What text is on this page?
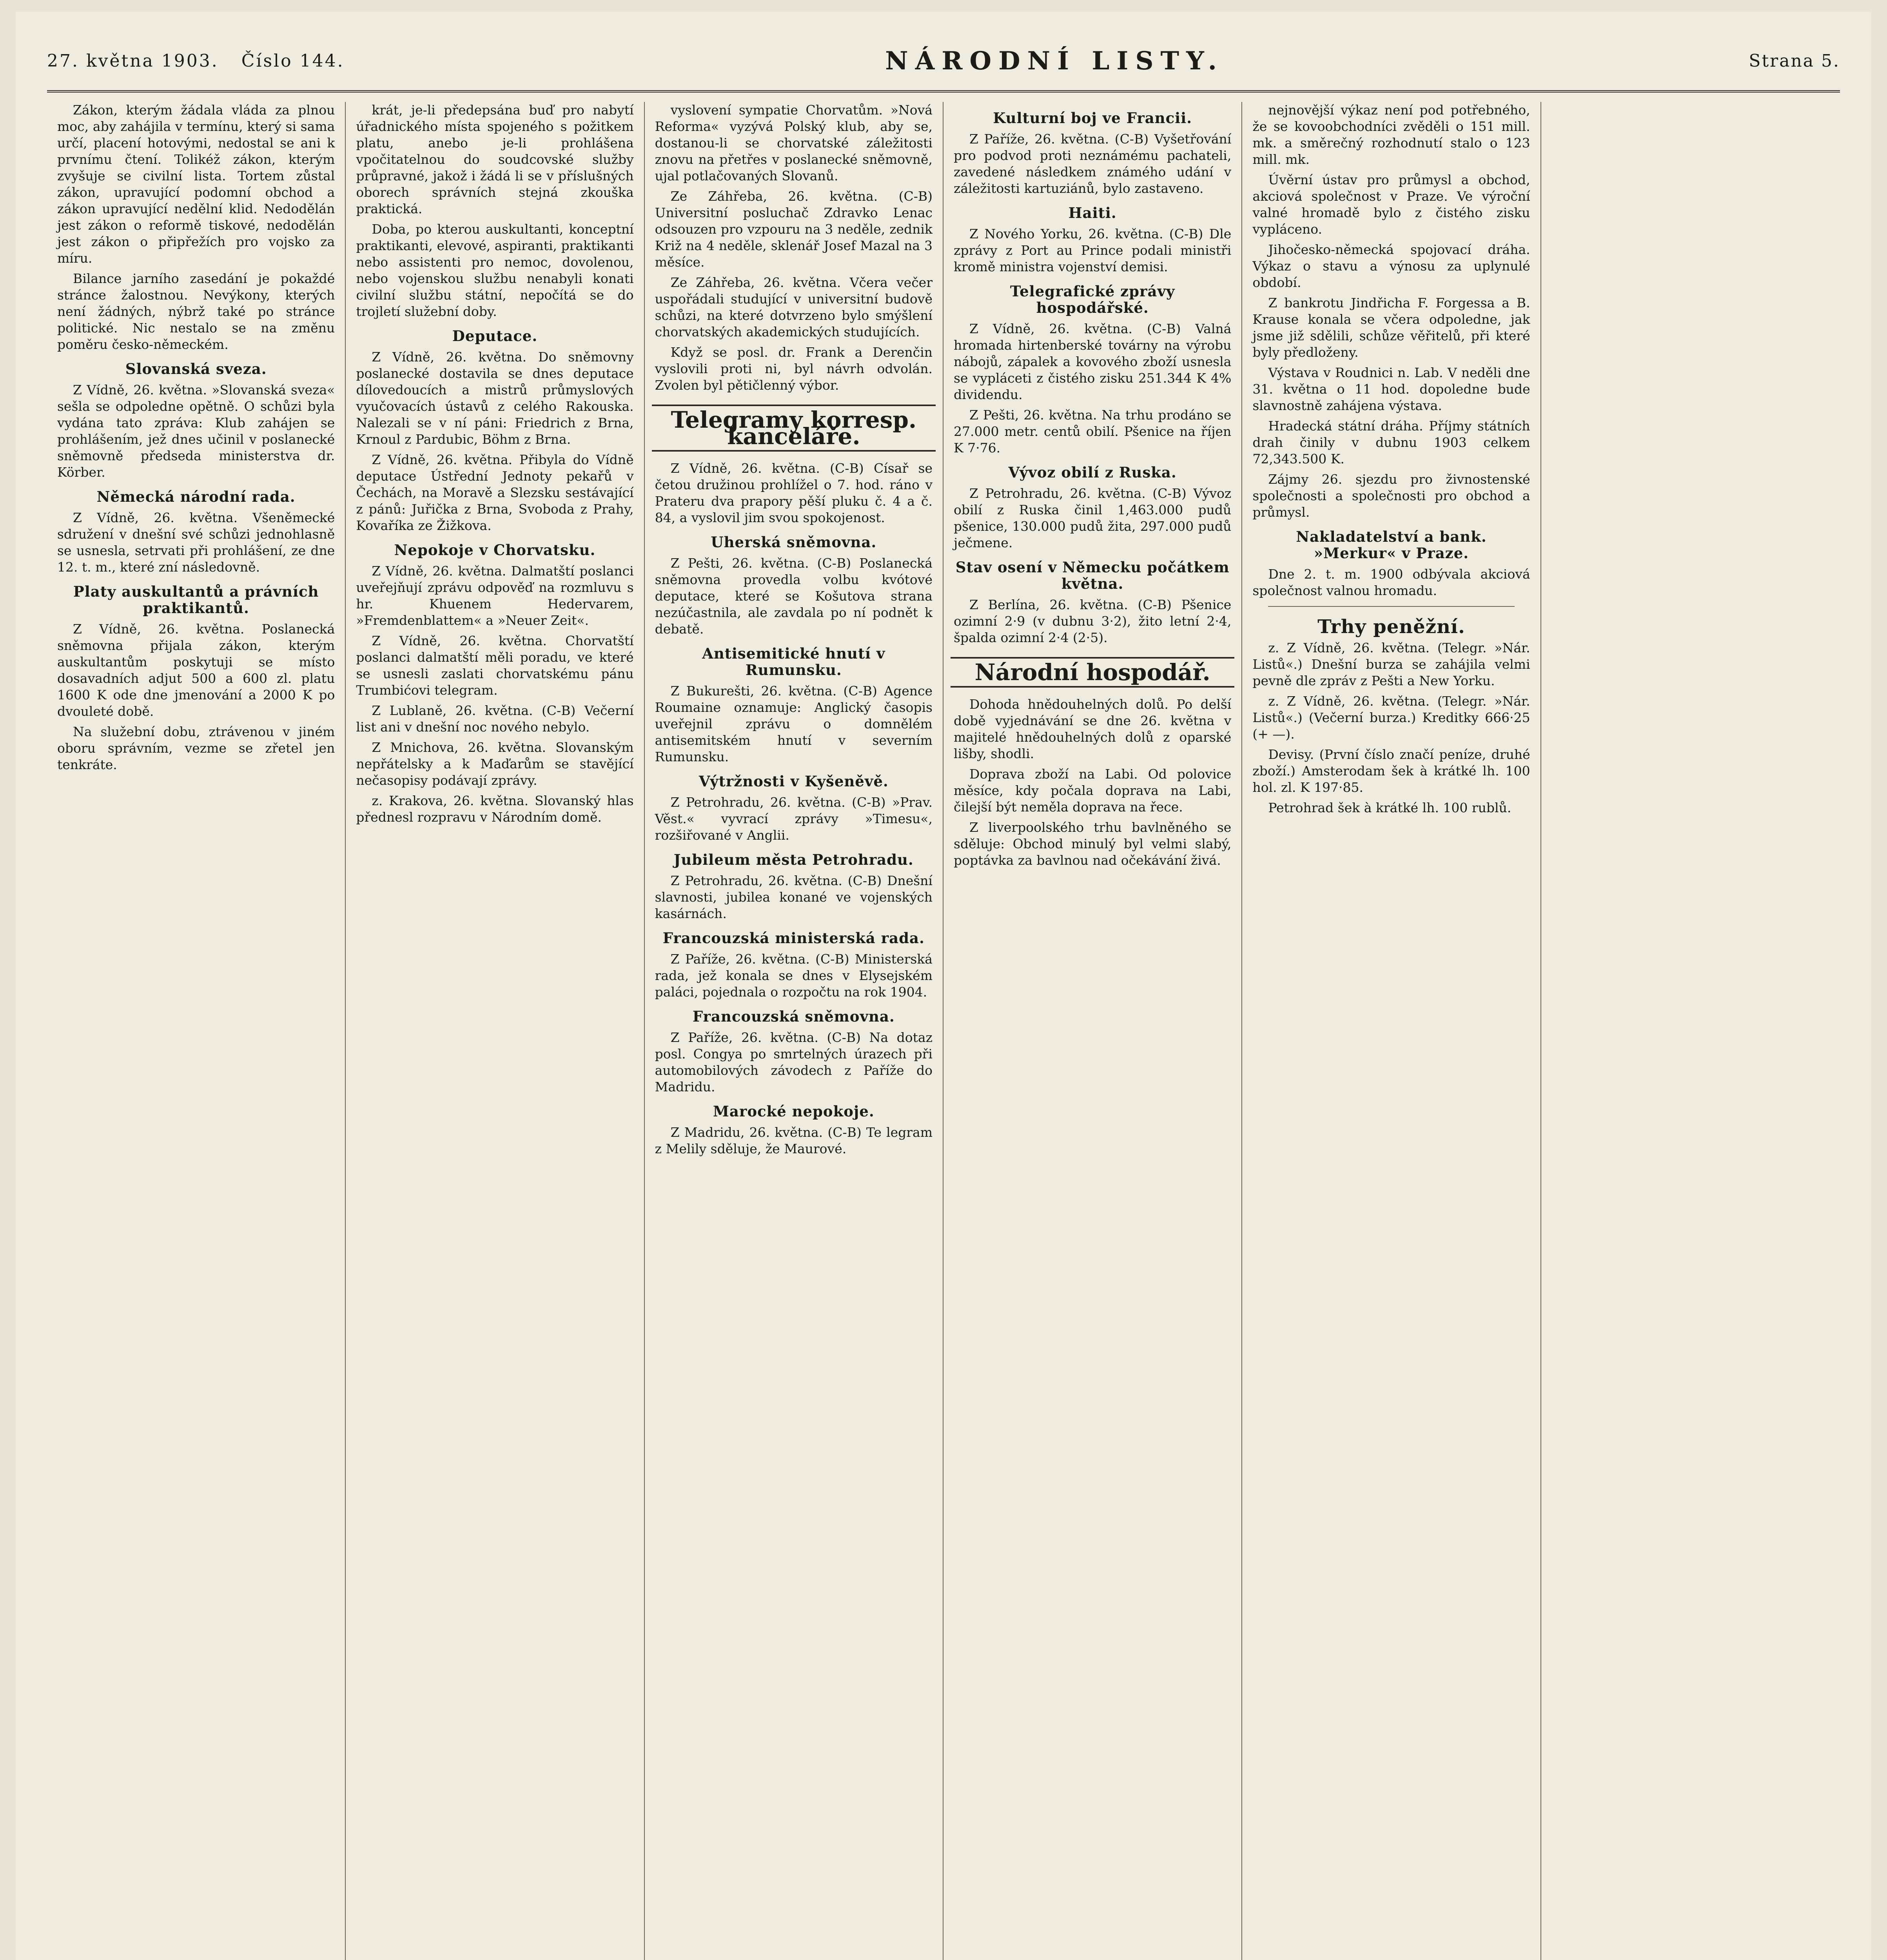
27. května 1903. Číslo 144.	NÁRODNÍ LISTY.	Strana 5.

Zákon, kterým žádala vláda za plnou moc, aby zahájila v termínu, který si sama určí, placení hotovými, nedostal se ani k prvnímu čtení. Tolikéž zákon, kterým zvyšuje se civilní lista. Tortem zůstal zákon, upravující podomní obchod a zákon upravující nedělní klid. Nedodělán jest zákon o reformě tiskové, nedodělán jest zákon o připřežích pro vojsko za míru.

Bilance jarního zasedání je pokaždé stránce žalostnou. Nevýkony, kterých není žádných, nýbrž také po stránce politické. Nic nestalo se na změnu poměru česko-německém.

Slovanská sveza.

Z Vídně, 26. května. »Slovanská sveza« sešla se odpoledne opětně. O schůzi byla vydána tato zpráva: Klub zahájen se prohlášením, jež dnes učinil v poslanecké sněmovně předseda ministerstva dr. Körber.

Německá národní rada.

Z Vídně, 26. května. Všeněmecké sdružení v dnešní své schůzi jednohlasně se usnesla, setrvati při prohlášení, ze dne 12. t. m., které zní následovně.

Platy auskultantů a právních praktikantů.

Z Vídně, 26. května. Poslanecká sněmovna přijala zákon, kterým auskultantům poskytuji se místo dosavadních adjut 500 a 600 zl. platu 1600 K ode dne jmenování a 2000 K po dvouleté době.

Na služební dobu, ztrávenou v jiném oboru správním, vezme se zřetel jen tenkráte.

krát, je-li předepsána buď pro nabytí úřadnického místa spojeného s požitkem platu, anebo je-li prohlášena vpočitatelnou do soudcovské služby průpravné, jakož i žádá li se v příslušných oborech správních stejná zkouška praktická.

Doba, po kterou auskultanti, konceptní praktikanti, elevové, aspiranti, praktikanti nebo assistenti pro nemoc, dovolenou, nebo vojenskou službu nenabyli konati civilní službu státní, nepočítá se do trojletí služební doby.

Deputace.

Z Vídně, 26. května. Do sněmovny poslanecké dostavila se dnes deputace dílovedoucích a mistrů průmyslových vyučovacích ústavů z celého Rakouska. Nalezali se v ní páni: Friedrich z Brna, Krnoul z Pardubic, Böhm z Brna.

Z Vídně, 26. května. Přibyla do Vídně deputace Ústřední Jednoty pekařů v Čechách, na Moravě a Slezsku sestávající z pánů: Juřička z Brna, Svoboda z Prahy, Kovaříka ze Žižkova.

Nepokoje v Chorvatsku.

Z Vídně, 26. května. Dalmatští poslanci uveřejňují zprávu odpověď na rozmluvu s hr. Khuenem Hedervarem, »Fremdenblattem« a »Neuer Zeit«.

Z Vídně, 26. května. Chorvatští poslanci dalmatští měli poradu, ve které se usnesli zaslati chorvatskému pánu Trumbićovi telegram.

Z Lublaně, 26. května. (C-B) Večerní list ani v dnešní noc nového nebylo.

Z Mnichova, 26. května. Slovanským nepřátelsky a k Maďarům se stavějící nečasopisy podávají zprávy.

z. Krakova, 26. května. Slovanský hlas přednesl rozpravu v Národním domě.

vyslovení sympatie Chorvatům. »Nová Reforma« vyzývá Polský klub, aby se, dostanou-li se chorvatské záležitosti znovu na přetřes v poslanecké sněmovně, ujal potlačovaných Slovanů.

Ze Záhřeba, 26. května. (C-B) Universitní posluchač Zdravko Lenac odsouzen pro vzpouru na 3 neděle, zednik Križ na 4 neděle, sklenář Josef Mazal na 3 měsíce.

Ze Záhřeba, 26. května. Včera večer uspořádali studující v universitní budově schůzi, na které dotvrzeno bylo smýšlení chorvatských akademických studujících.

Když se posl. dr. Frank a Derenčin vyslovili proti ni, byl návrh odvolán. Zvolen byl pětičlenný výbor.

Telegramy korresp. kanceláře.

Z Vídně, 26. května. (C-B) Císař se četou družinou prohlížel o 7. hod. ráno v Prateru dva prapory pěší pluku č. 4 a č. 84, a vyslovil jim svou spokojenost.

Uherská sněmovna.

Z Pešti, 26. května. (C-B) Poslanecká sněmovna provedla volbu kvótové deputace, které se Košutova strana nezúčastnila, ale zavdala po ní podnět k debatě.

Antisemitické hnutí v Rumunsku.

Z Bukurešti, 26. května. (C-B) Agence Roumaine oznamuje: Anglický časopis uveřejnil zprávu o domnělém antisemitském hnutí v severním Rumunsku.

Výtržnosti v Kyšeněvě.

Z Petrohradu, 26. května. (C-B) »Prav. Věst.« vyvrací zprávy »Timesu«, rozšiřované v Anglii.

Jubileum města Petrohradu.

Z Petrohradu, 26. května. (C-B) Dnešní slavnosti, jubilea konané ve vojenských kasárnách.

Francouzská ministerská rada.

Z Paříže, 26. května. (C-B) Ministerská rada, jež konala se dnes v Elysejském paláci, pojednala o rozpočtu na rok 1904.

Francouzská sněmovna.

Z Paříže, 26. května. (C-B) Na dotaz posl. Congya po smrtelných úrazech při automobilových závodech z Paříže do Madridu.

Marocké nepokoje.

Z Madridu, 26. května. (C-B) Te legram z Melily sděluje, že Maurové.

Kulturní boj ve Francii.

Z Paříže, 26. května. (C-B) Vyšetřování pro podvod proti neznámému pachateli, zavedené následkem známého udání v záležitosti kartuziánů, bylo zastaveno.

Haiti.

Z Nového Yorku, 26. května. (C-B) Dle zprávy z Port au Prince podali ministři kromě ministra vojenství demisi.

Telegrafické zprávy hospodářské.

Z Vídně, 26. května. (C-B) Valná hromada hirtenberské továrny na výrobu nábojů, zápalek a kovového zboží usnesla se vypláceti z čistého zisku 251.344 K 4% dividendu.

Z Pešti, 26. května. Na trhu prodáno se 27.000 metr. centů obilí. Pšenice na říjen K 7·76.

Vývoz obilí z Ruska.

Z Petrohradu, 26. května. (C-B) Vývoz obilí z Ruska činil 1,463.000 pudů pšenice, 130.000 pudů žita, 297.000 pudů ječmene.

Stav osení v Německu počátkem května.

Z Berlína, 26. května. (C-B) Pšenice ozimní 2·9 (v dubnu 3·2), žito letní 2·4, špalda ozimní 2·4 (2·5).

Národní hospodář.

Dohoda hnědouhelných dolů. Po delší době vyjednávání se dne 26. května v majitelé hnědouhelných dolů z oparské lišby, shodli.

Doprava zboží na Labi. Od polovice měsíce, kdy počala doprava na Labi, čilejší být neměla doprava na řece.

Z liverpoolského trhu bavlněného se sděluje: Obchod minulý byl velmi slabý, poptávka za bavlnou nad očekávání živá.

nejnovější výkaz není pod potřebného, že se kovoobchodníci zvěděli o 151 mill. mk. a směrečný rozhodnutí stalo o 123 mill. mk.

Úvěrní ústav pro průmysl a obchod, akciová společnost v Praze. Ve výroční valné hromadě bylo z čistého zisku vypláceno.

Jihočesko-německá spojovací dráha. Výkaz o stavu a výnosu za uplynulé období.

Z bankrotu Jindřicha F. Forgessa a B. Krause konala se včera odpoledne, jak jsme již sdělili, schůze věřitelů, při které byly předloženy.

Výstava v Roudnici n. Lab. V neděli dne 31. května o 11 hod. dopoledne bude slavnostně zahájena výstava.

Hradecká státní dráha. Příjmy státních drah činily v dubnu 1903 celkem 72,343.500 K.

Zájmy 26. sjezdu pro živnostenské společnosti a společnosti pro obchod a průmysl.

Nakladatelství a bank. »Merkur« v Praze.

Dne 2. t. m. 1900 odbývala akciová společnost valnou hromadu.

Trhy peněžní.

z. Z Vídně, 26. května. (Telegr. »Nár. Listů«.) Dnešní burza se zahájila velmi pevně dle zpráv z Pešti a New Yorku.

z. Z Vídně, 26. května. (Telegr. »Nár. Listů«.) (Večerní burza.) Kreditky 666·25 (+ —).

Devisy. (První číslo značí peníze, druhé zboží.) Amsterodam šek à krátké lh. 100 hol. zl. K 197·85.

Petrohrad šek à krátké lh. 100 rublů.
